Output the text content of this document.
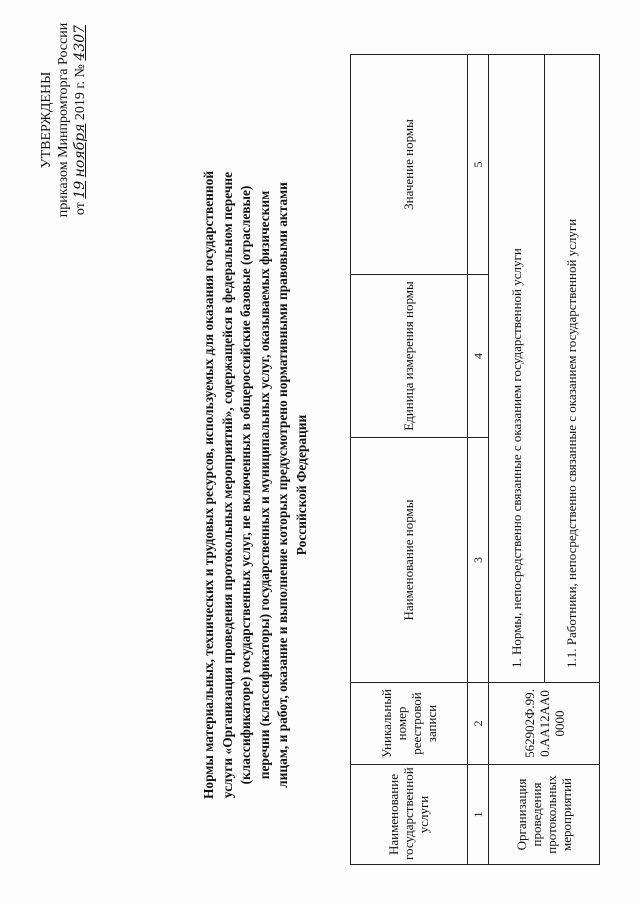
УТВЕРЖДЕНЫ приказом Минпромторга России от 19 ноября 2019 г. № 4307
Нормы материальных, технических и трудовых ресурсов, используемых для оказания государственной услуги «Организация проведения протокольных мероприятий», содержащейся в федеральном перечне (классификаторе) государственных услуг, не включенных в общероссийские базовые (отраслевые) перечни (классификаторы) государственных и муниципальных услуг, оказываемых физическим лицам, и работ, оказание и выполнение которых предусмотрено нормативными правовыми актами Российской Федерации
Наименование государственной услуги	Уникальный номер реестровой записи	Наименование нормы	Единица измерения нормы	Значение нормы
1	2	3	4	5
Организация проведения протокольных мероприятий	562902Ф.99.0.АА12АА00000	1. Нормы, непосредственно связанные с оказанием государственной услуги		
		1.1. Работники, непосредственно связанные с оказанием государственной услуги		
